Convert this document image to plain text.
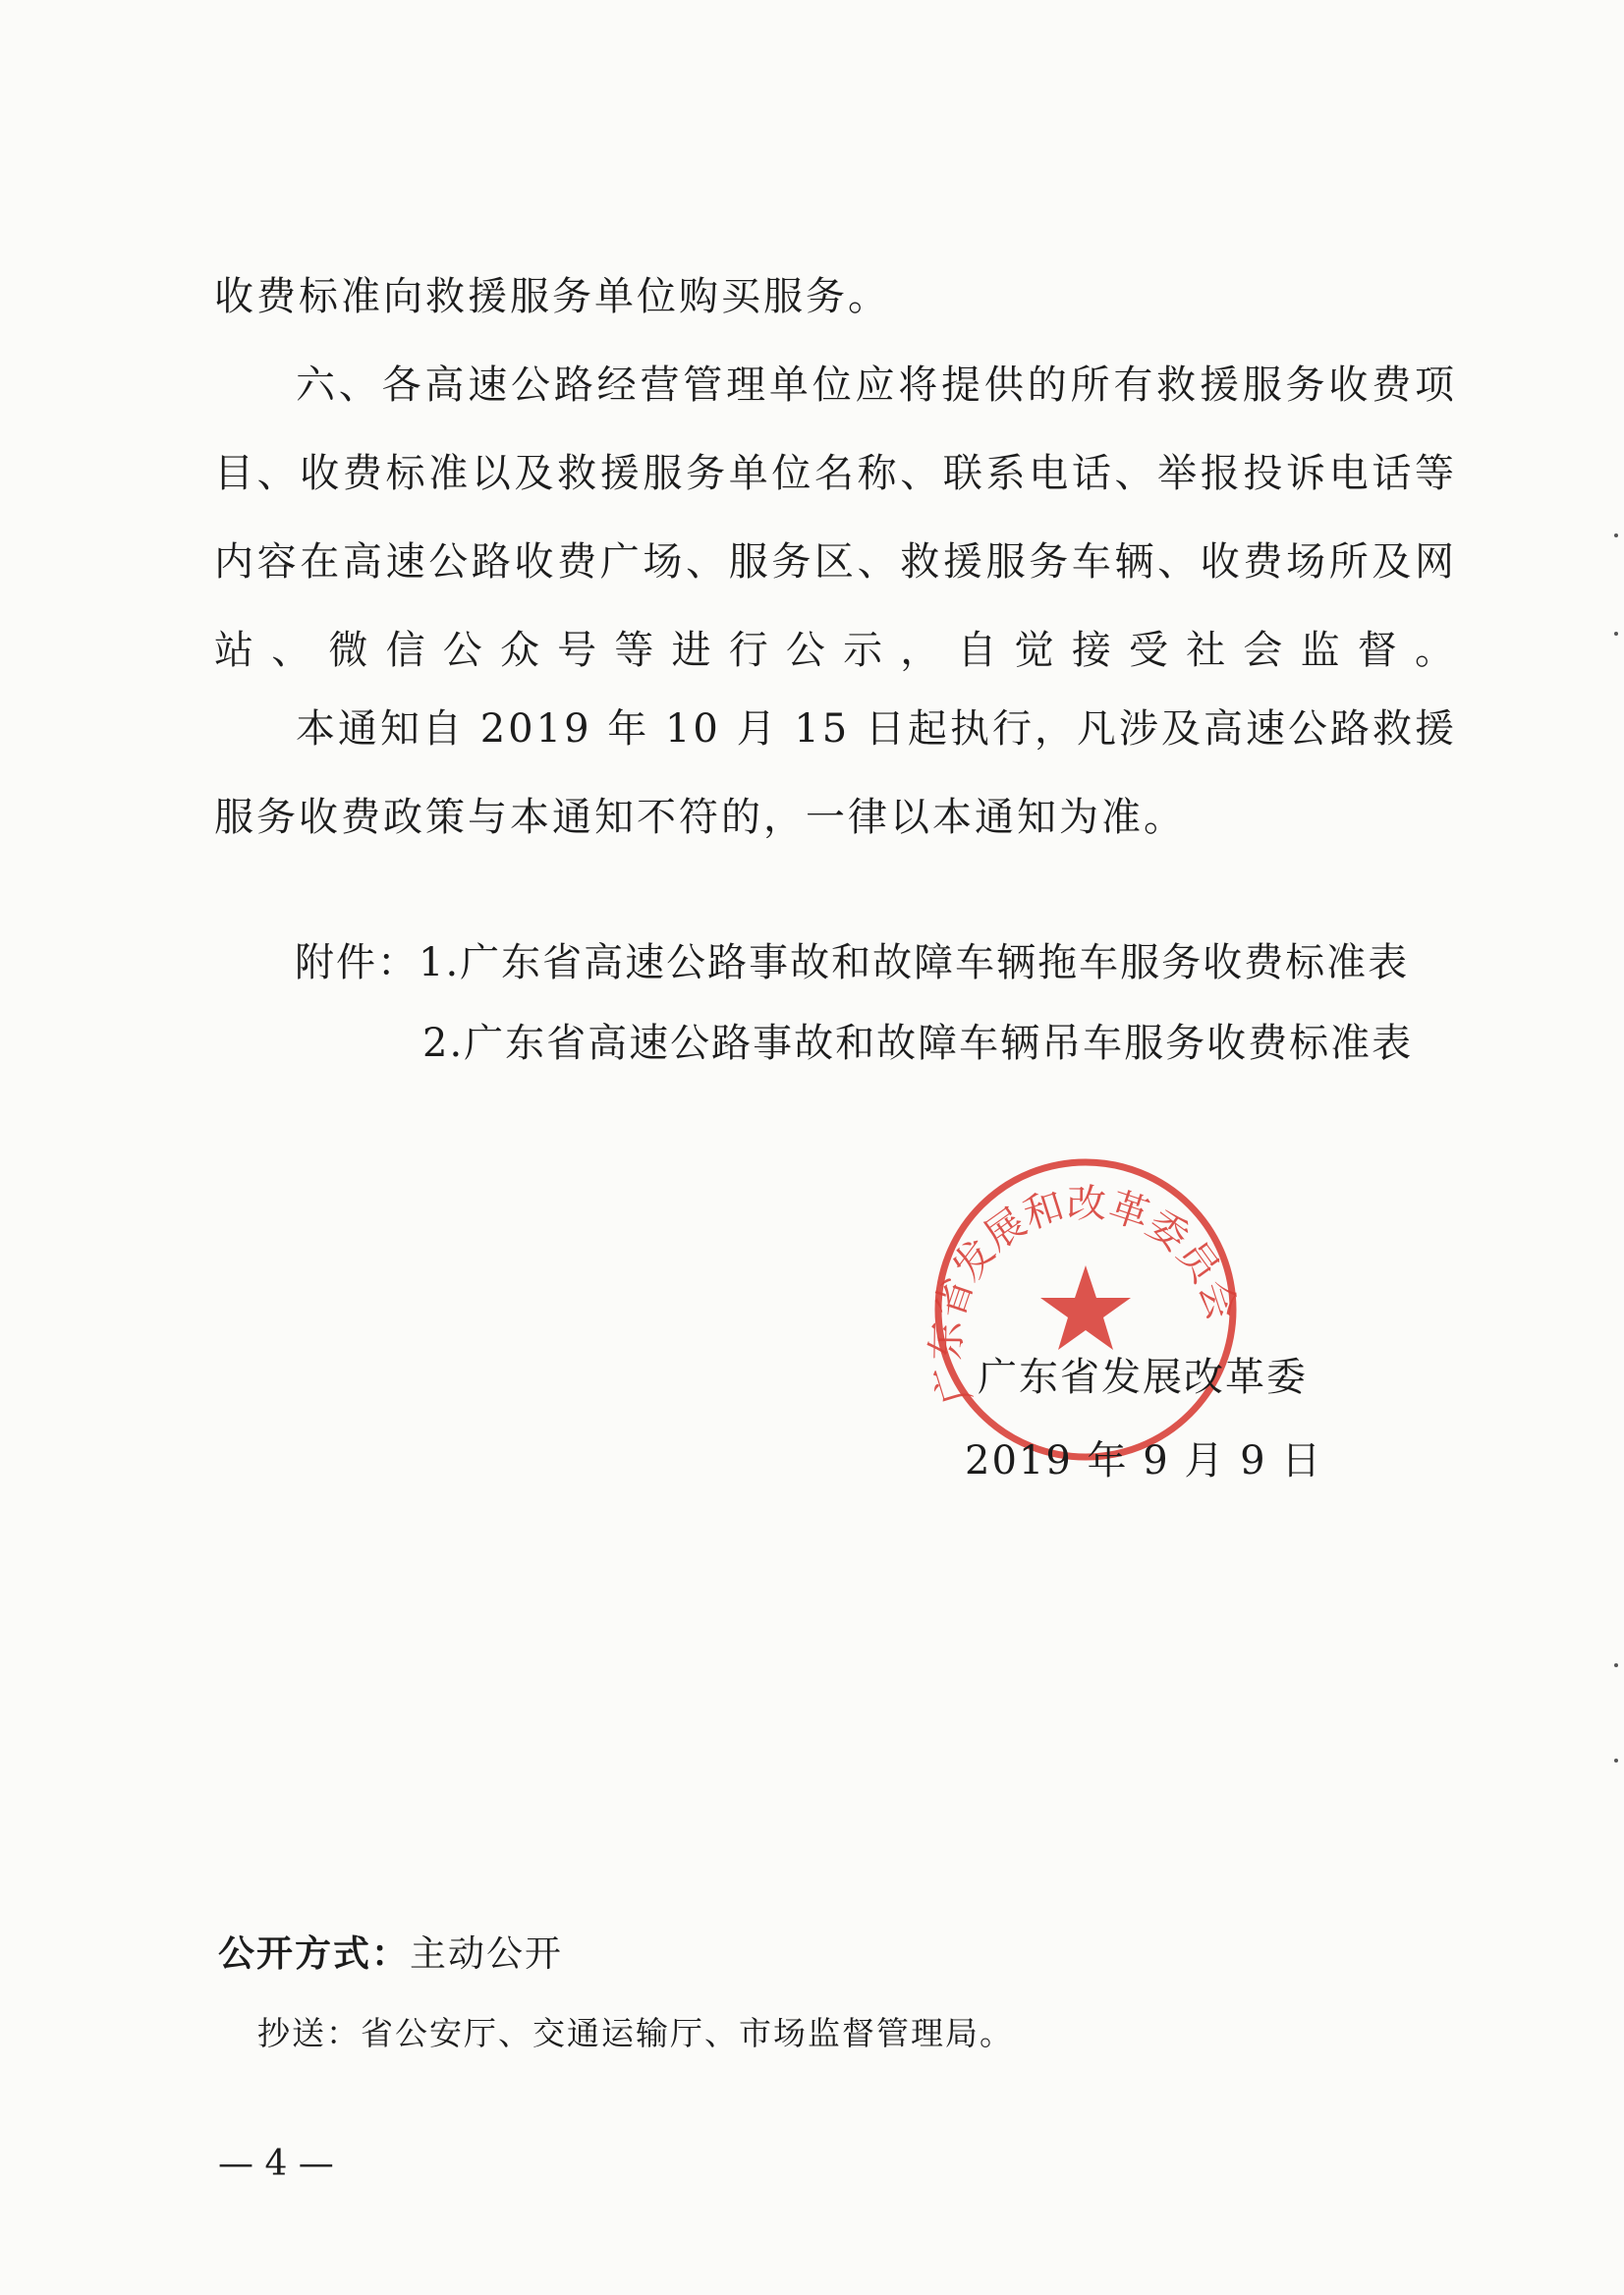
收费标准向救援服务单位购买服务。

六、各高速公路经营管理单位应将提供的所有救援服务收费项目、收费标准以及救援服务单位名称、联系电话、举报投诉电话等内容在高速公路收费广场、服务区、救援服务车辆、收费场所及网站、微信公众号等进行公示，自觉接受社会监督。

本通知自 2019 年 10 月 15 日起执行，凡涉及高速公路救援服务收费政策与本通知不符的，一律以本通知为准。

附件：1.广东省高速公路事故和故障车辆拖车服务收费标准表
2.广东省高速公路事故和故障车辆吊车服务收费标准表
广东省发展和改革委员会
广东省发展改革委
2019 年 9 月 9 日
公开方式：主动公开
抄送：省公安厅、交通运输厅、市场监督管理局。
— 4 —
